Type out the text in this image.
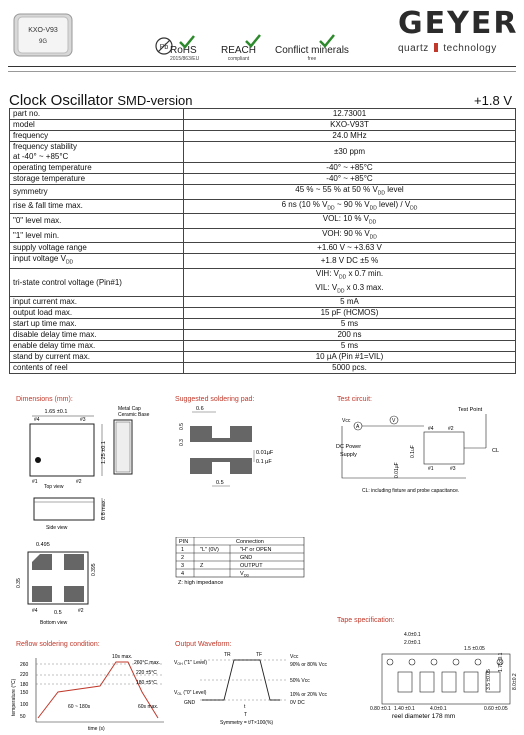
KXO-V93
9G
Pb RoHS
2015/863/EU
REACH
compliant
Conflict minerals
free
GEYER
quartz technology
Clock Oscillator SMD-version	+1.8 V
part no.	12.73001
model	KXO-V93T
frequency	24.0 MHz
frequency stability
at -40° ~ +85°C	±30 ppm
operating temperature	-40° ~ +85°C
storage temperature	-40° ~ +85°C
symmetry	45 % ~ 55 % at 50 % $V_{DD}$ level
rise & fall time max.	6 ns (10 % $V_{DD}$ ~ 90 % $V_{DD}$ level) / $V_{DD}$
"0" level max.	VOL: 10 % $V_{DD}$
"1" level min.	VOH: 90 % $V_{DD}$
supply voltage range	+1.60 V ~ +3.63 V
input voltage $V_{DD}$	+1.8 V DC ±5 %
tri-state control voltage (Pin#1)	VIH: $V_{DD}$ x 0.7 min.
VIL: $V_{DD}$ x 0.3 max.
input current max.	5 mA
output load max.	15 pF (HCMOS)
start up time max.	5 ms
disable delay time max.	200 ns
enable delay time max.	5 ms
stand by current max.	10 µA (Pin #1=VIL)
contents of reel	5000 pcs.
Dimensions (mm):	Suggested soldering pad:	Test circuit:
Tape specification:
Reflow soldering condition:	Output Waveform:
1.65 ±0.1
#4	#3
#1	#2
1.25 ±0.1
Top view
Metal Cap
Ceramic Base
0.8 max.
Side view
0.495
0.395
0.35
#4	#2
0.5
Bottom view
0.6
0.3
0.5
0.01µF
0.1 µF
0.5
PIN	Connection
1	"L" (0V)	"H" or OPEN
2	GND
3	Z	OUTPUT
4	V DD
Z: high impedance
Test Point
Vcc
A
V
DC Power
Supply
#4	#2
#1	#3
0.1uF
0.01µF
CL
CL: including fixture and probe capacitance.
4.0±0.1
2.0±0.1
1.5 ±0.05
1.75±0.1
3.5 ±0.05	8.0±0.2
0.80 ±0.1 1.40 ±0.1	4.0±0.1	0.60 ±0.05
reel diameter 178 mm
260
220
180
150
100
50
temperature (°C)
260°C max.
220 ±5°C
180 ±5°C
10s max.
60 ~ 180s	60s max.
time (s)
TR	TF
$V_{OH}$ ("1" Level)
$V_{OL}$ ("0" Level)
GND
Vcc
90% or 80% Vcc
50% Vcc
10% or 20% Vcc
0V DC
t
T
Symmetry = t/T×100(%)
